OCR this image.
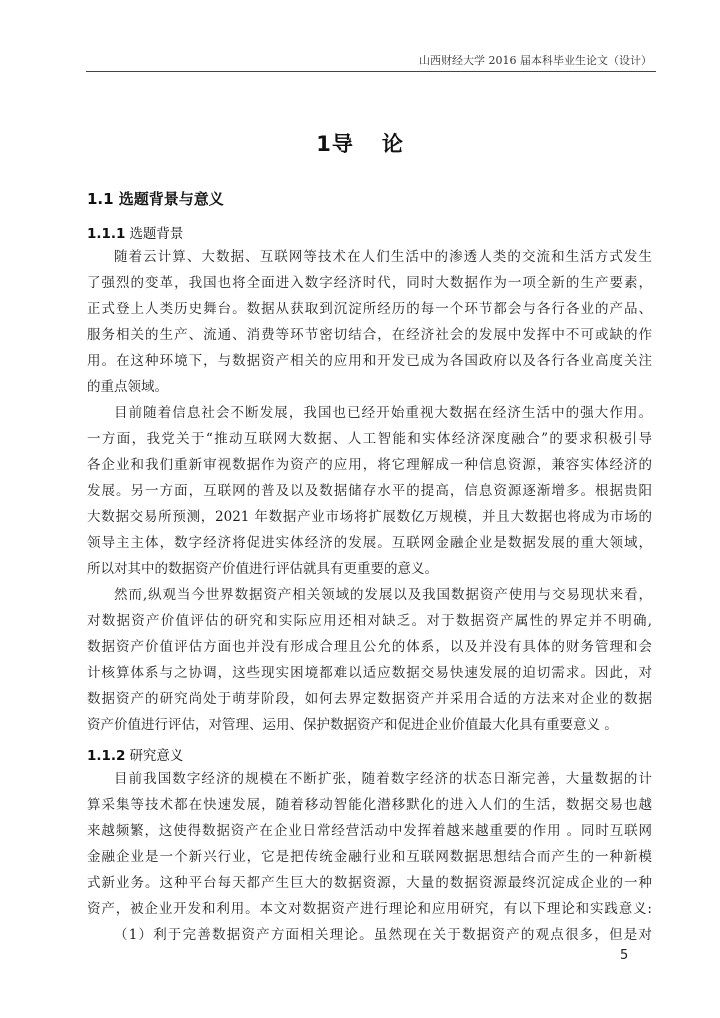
山西财经大学 2016 届本科毕业生论文（设计）
1导 论
1.1 选题背景与意义
1.1.1 选题背景
随着云计算、大数据、互联网等技术在人们生活中的渗透人类的交流和生活方式发生
了强烈的变革，我国也将全面进入数字经济时代，同时大数据作为一项全新的生产要素，
正式登上人类历史舞台。数据从获取到沉淀所经历的每一个环节都会与各行各业的产品、
服务相关的生产、流通、消费等环节密切结合，在经济社会的发展中发挥中不可或缺的作
用。在这种环境下，与数据资产相关的应用和开发已成为各国政府以及各行各业高度关注
的重点领域。
目前随着信息社会不断发展，我国也已经开始重视大数据在经济生活中的强大作用。
一方面，我党关于“推动互联网大数据、人工智能和实体经济深度融合”的要求积极引导
各企业和我们重新审视数据作为资产的应用，将它理解成一种信息资源，兼容实体经济的
发展。另一方面，互联网的普及以及数据储存水平的提高，信息资源逐渐增多。根据贵阳
大数据交易所预测，2021 年数据产业市场将扩展数亿万规模，并且大数据也将成为市场的
领导主主体，数字经济将促进实体经济的发展。互联网金融企业是数据发展的重大领域，
所以对其中的数据资产价值进行评估就具有更重要的意义。
然而,纵观当今世界数据资产相关领域的发展以及我国数据资产使用与交易现状来看，
对数据资产价值评估的研究和实际应用还相对缺乏。对于数据资产属性的界定并不明确,
数据资产价值评估方面也并没有形成合理且公允的体系，以及并没有具体的财务管理和会
计核算体系与之协调，这些现实困境都难以适应数据交易快速发展的迫切需求。因此，对
数据资产的研究尚处于萌芽阶段，如何去界定数据资产并采用合适的方法来对企业的数据
资产价值进行评估，对管理、运用、保护数据资产和促进企业价值最大化具有重要意义 。
1.1.2 研究意义
目前我国数字经济的规模在不断扩张，随着数字经济的状态日渐完善，大量数据的计
算采集等技术都在快速发展，随着移动智能化潜移默化的进入人们的生活，数据交易也越
来越频繁，这使得数据资产在企业日常经营活动中发挥着越来越重要的作用 。同时互联网
金融企业是一个新兴行业，它是把传统金融行业和互联网数据思想结合而产生的一种新模
式新业务。这种平台每天都产生巨大的数据资源，大量的数据资源最终沉淀成企业的一种
资产，被企业开发和利用。本文对数据资产进行理论和应用研究，有以下理论和实践意义:
（1）利于完善数据资产方面相关理论。虽然现在关于数据资产的观点很多，但是对
5
